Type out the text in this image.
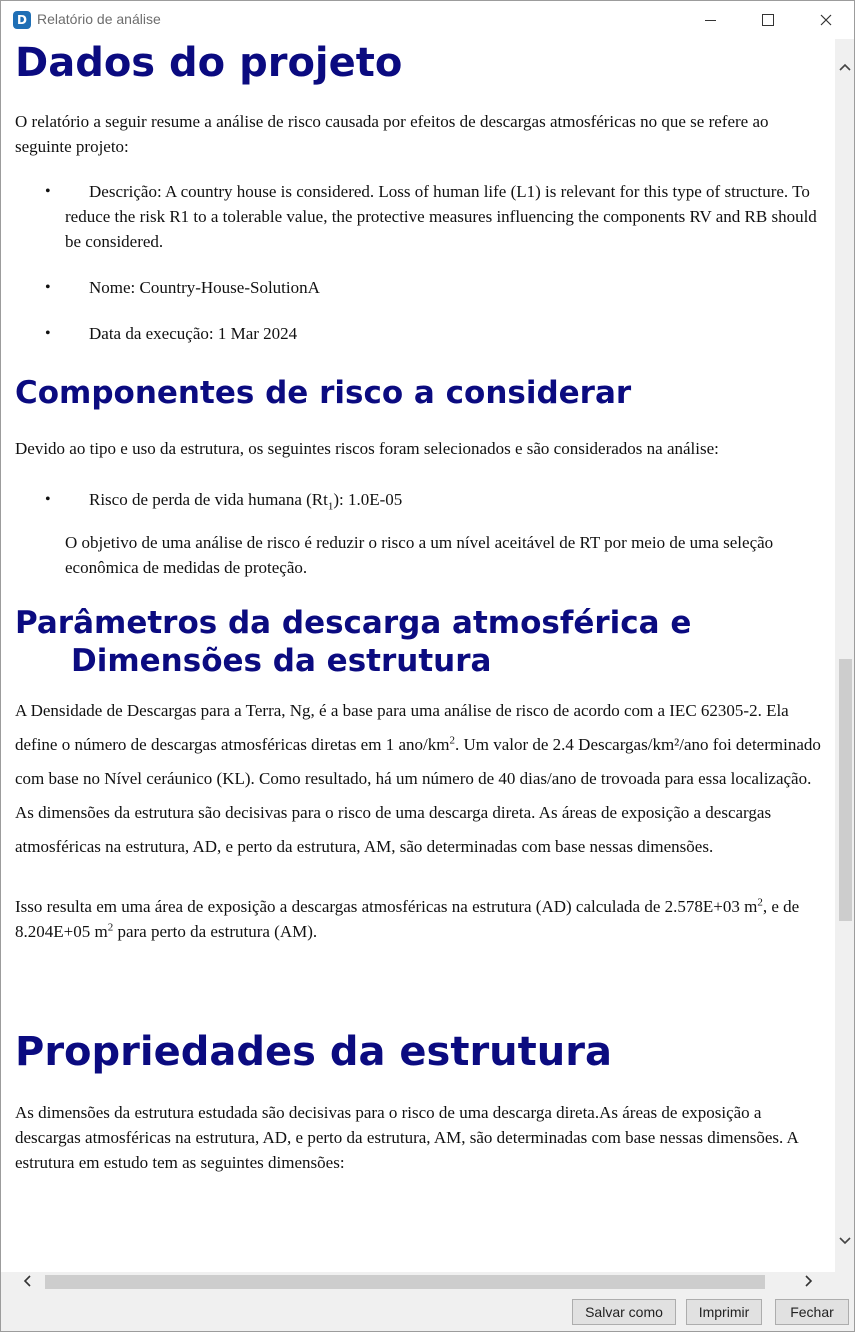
D Relatório de análise
Dados do projeto

O relatório a seguir resume a análise de risco causada por efeitos de descargas atmosféricas no que se refere ao seguinte projeto:

•	Descrição: A country house is considered. Loss of human life (L1) is relevant for this type of structure. To reduce the risk R1 to a tolerable value, the protective measures influencing the components RV and RB should be considered.
•	Nome: Country-House-SolutionA
•	Data da execução: 1 Mar 2024
Componentes de risco a considerar

Devido ao tipo e uso da estrutura, os seguintes riscos foram selecionados e são considerados na análise:

•	Risco de perda de vida humana $(Rt_1)$: 1.0E-05

O objetivo de uma análise de risco é reduzir o risco a um nível aceitável de RT por meio de uma seleção econômica de medidas de proteção.

Parâmetros da descarga atmosférica e Dimensões da estrutura

A Densidade de Descargas para a Terra, Ng, é a base para uma análise de risco de acordo com a IEC 62305-2. Ela define o número de descargas atmosféricas diretas em 1 ano/$km^2$. Um valor de 2.4 Descargas/km²/ano foi determinado com base no Nível ceráunico (KL). Como resultado, há um número de 40 dias/ano de trovoada para essa localização. As dimensões da estrutura são decisivas para o risco de uma descarga direta. As áreas de exposição a descargas atmosféricas na estrutura, AD, e perto da estrutura, AM, são determinadas com base nessas dimensões.

Isso resulta em uma área de exposição a descargas atmosféricas na estrutura (AD) calculada de 2.578E+03 $m^2$, e de 8.204E+05 $m^2$ para perto da estrutura (AM).

Propriedades da estrutura

As dimensões da estrutura estudada são decisivas para o risco de uma descarga direta.As áreas de exposição a descargas atmosféricas na estrutura, AD, e perto da estrutura, AM, são determinadas com base nessas dimensões. A estrutura em estudo tem as seguintes dimensões:

Salvar como	Imprimir	Fechar
